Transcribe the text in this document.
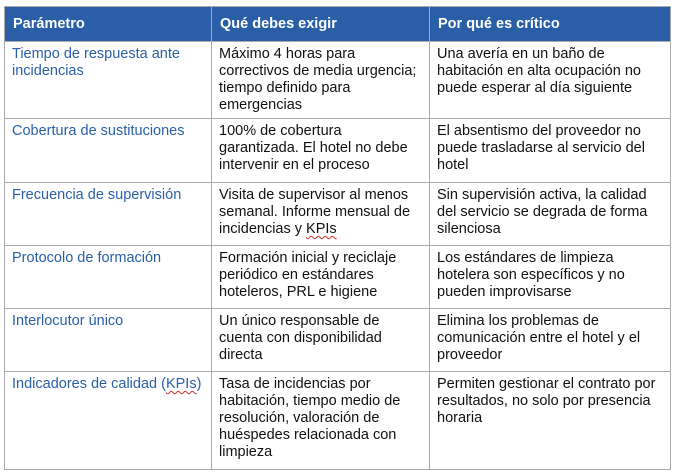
Parámetro	Qué debes exigir	Por qué es crítico
Tiempo de respuesta ante incidencias	Máximo 4 horas para correctivos de media urgencia; tiempo definido para emergencias	Una avería en un baño de habitación en alta ocupación no puede esperar al día siguiente
Cobertura de sustituciones	100% de cobertura garantizada. El hotel no debe intervenir en el proceso	El absentismo del proveedor no puede trasladarse al servicio del hotel
Frecuencia de supervisión	Visita de supervisor al menos semanal. Informe mensual de incidencias y KPIs	Sin supervisión activa, la calidad del servicio se degrada de forma silenciosa
Protocolo de formación	Formación inicial y reciclaje periódico en estándares hoteleros, PRL e higiene	Los estándares de limpieza hotelera son específicos y no pueden improvisarse
Interlocutor único	Un único responsable de cuenta con disponibilidad directa	Elimina los problemas de comunicación entre el hotel y el proveedor
Indicadores de calidad (KPIs)	Tasa de incidencias por habitación, tiempo medio de resolución, valoración de huéspedes relacionada con limpieza	Permiten gestionar el contrato por resultados, no solo por presencia horaria
